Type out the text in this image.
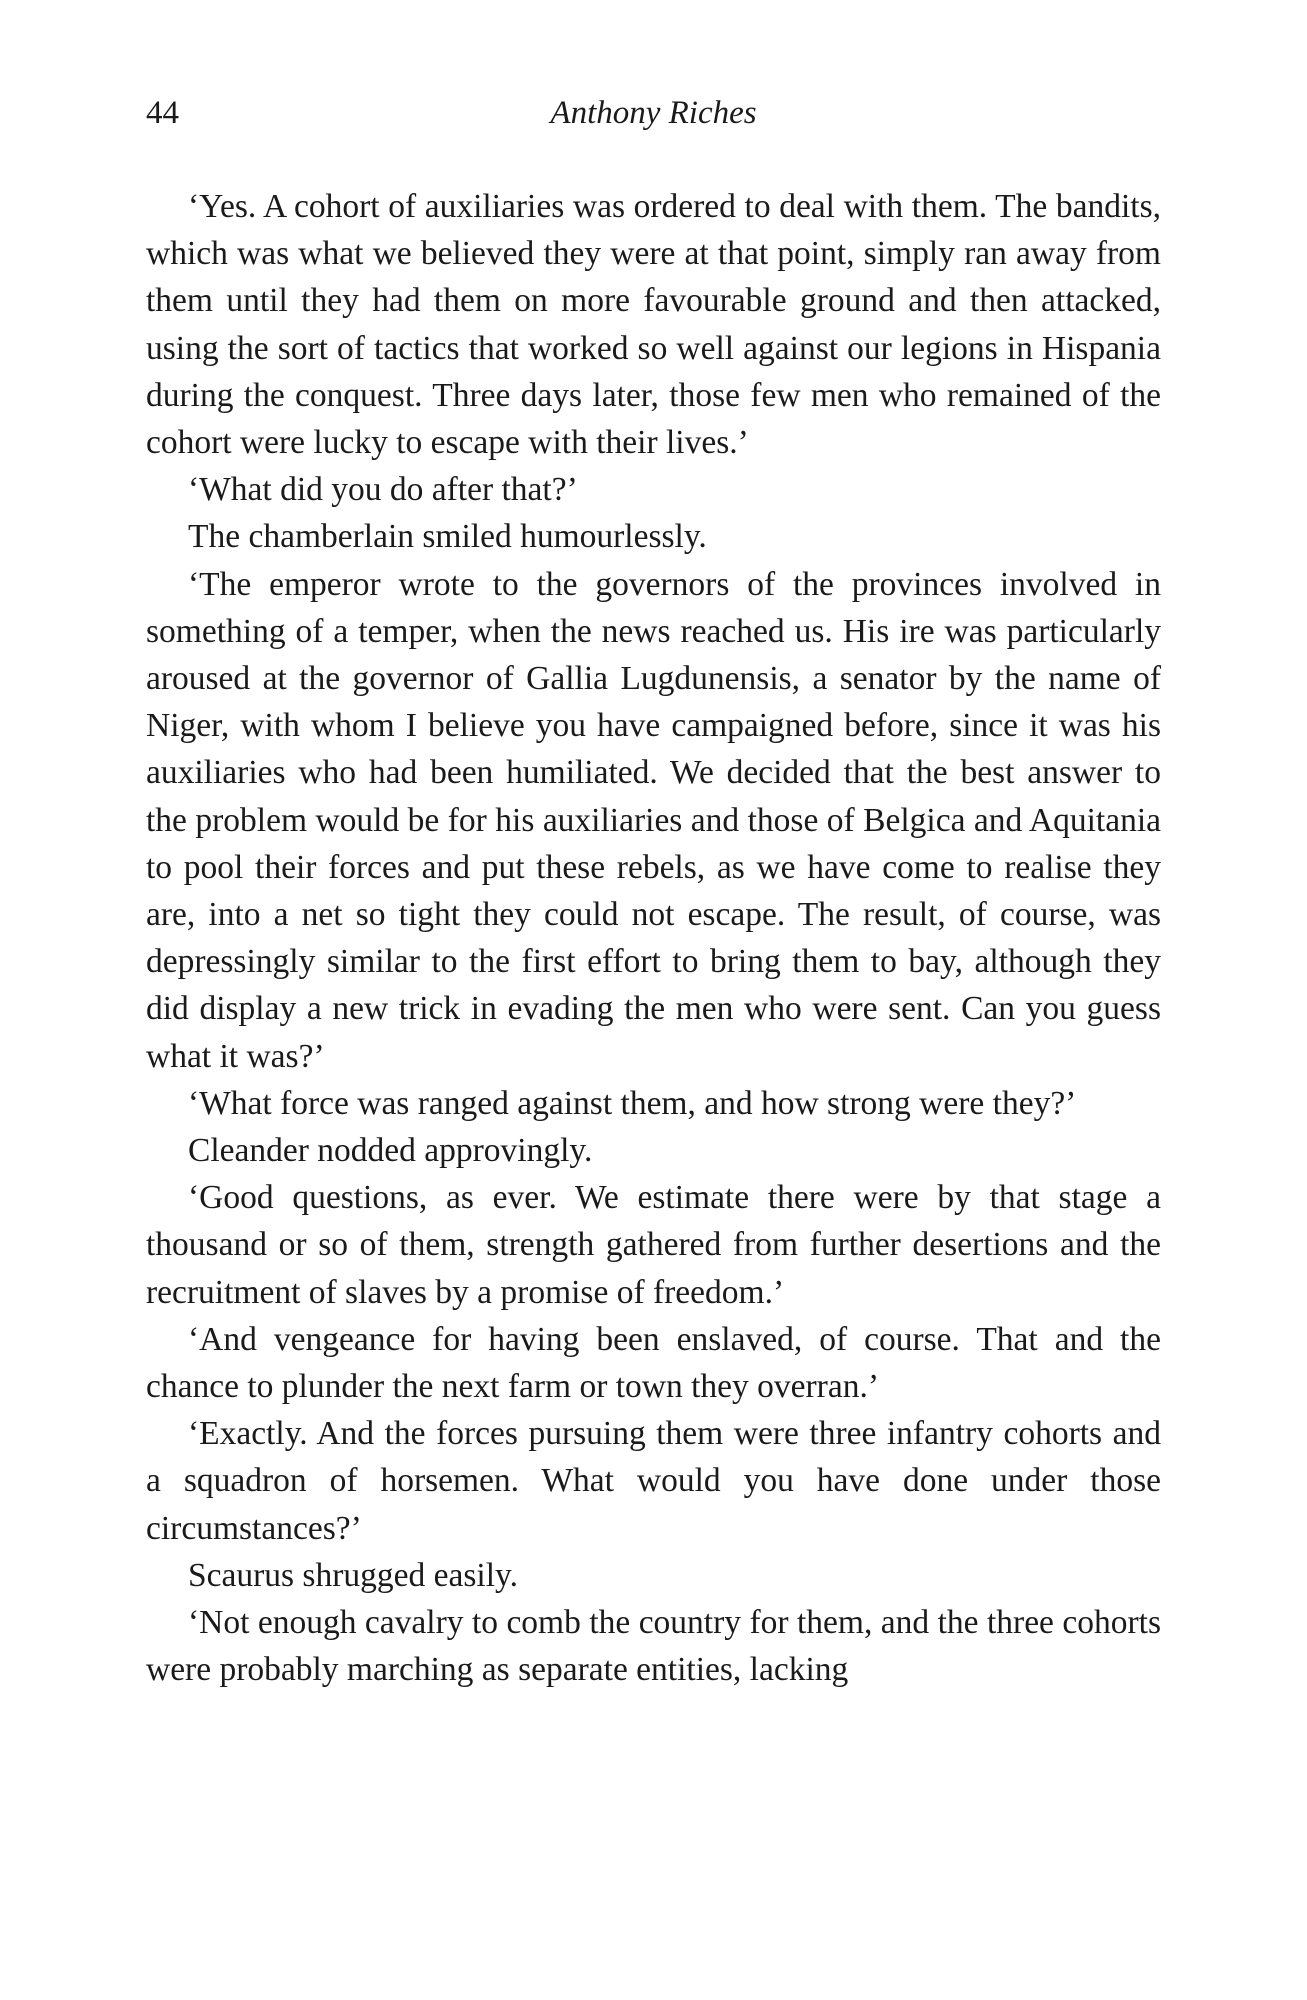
44	Anthony Riches

‘Yes. A cohort of auxiliaries was ordered to deal with them. The bandits, which was what we believed they were at that point, simply ran away from them until they had them on more favourable ground and then attacked, using the sort of tactics that worked so well against our legions in Hispania during the conquest. Three days later, those few men who remained of the cohort were lucky to escape with their lives.’

‘What did you do after that?’

The chamberlain smiled humourlessly.

‘The emperor wrote to the governors of the provinces involved in something of a temper, when the news reached us. His ire was particularly aroused at the governor of Gallia Lugdunensis, a senator by the name of Niger, with whom I believe you have campaigned before, since it was his auxiliaries who had been humiliated. We decided that the best answer to the problem would be for his auxiliaries and those of Belgica and Aquitania to pool their forces and put these rebels, as we have come to realise they are, into a net so tight they could not escape. The result, of course, was depressingly similar to the first effort to bring them to bay, although they did display a new trick in evading the men who were sent. Can you guess what it was?’

‘What force was ranged against them, and how strong were they?’

Cleander nodded approvingly.

‘Good questions, as ever. We estimate there were by that stage a thousand or so of them, strength gathered from further desertions and the recruitment of slaves by a promise of freedom.’

‘And vengeance for having been enslaved, of course. That and the chance to plunder the next farm or town they overran.’

‘Exactly. And the forces pursuing them were three infantry cohorts and a squadron of horsemen. What would you have done under those circumstances?’

Scaurus shrugged easily.

‘Not enough cavalry to comb the country for them, and the three cohorts were probably marching as separate entities, lacking
